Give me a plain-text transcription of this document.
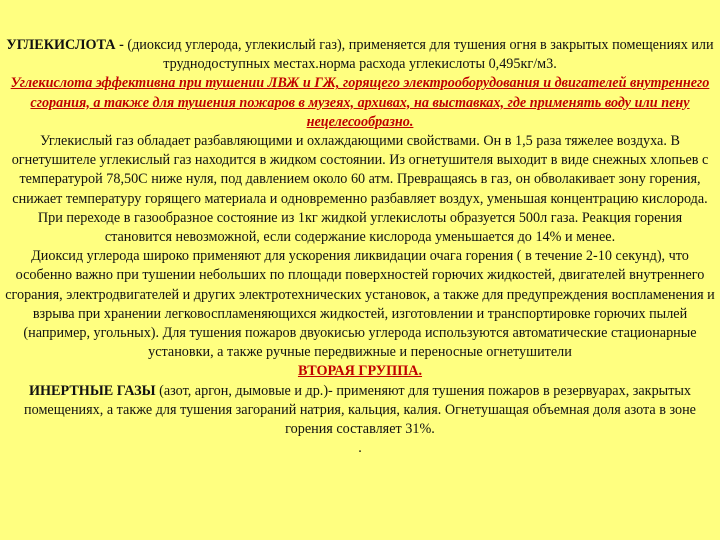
УГЛЕКИСЛОТА - (диоксид углерода, углекислый газ), применяется для тушения огня в закрытых помещениях или труднодоступных местах.норма расхода углекислоты 0,495кг/м3.

Углекислота эффективна при тушении ЛВЖ и ГЖ, горящего электрооборудования и двигателей внутреннего сгорания, а также для тушения пожаров в музеях, архивах, на выставках, где применять воду или пену нецелесообразно.

Углекислый газ обладает разбавляющими и охлаждающими свойствами. Он в 1,5 раза тяжелее воздуха. В огнетушителе углекислый газ находится в жидком состоянии. Из огнетушителя выходит в виде снежных хлопьев с температурой 78,50С ниже нуля, под давлением около 60 атм. Превращаясь в газ, он обволакивает зону горения, снижает температуру горящего материала и одновременно разбавляет воздух, уменьшая концентрацию кислорода.

При переходе в газообразное состояние из 1кг жидкой углекислоты образуется 500л газа. Реакция горения становится невозможной, если содержание кислорода уменьшается до 14% и менее.

Диоксид углерода широко применяют для ускорения ликвидации очага горения ( в течение 2-10 секунд), что особенно важно при тушении небольших по площади поверхностей горючих жидкостей, двигателей внутреннего сгорания, электродвигателей и других электротехнических установок, а также для предупреждения воспламенения и взрыва при хранении легковоспламеняющихся жидкостей, изготовлении и транспортировке горючих пылей (например, угольных). Для тушения пожаров двуокисью углерода используются автоматические стационарные установки, а также ручные передвижные и переносные огнетушители

ВТОРАЯ ГРУППА.

ИНЕРТНЫЕ ГАЗЫ (азот, аргон, дымовые и др.)- применяют для тушения пожаров в резервуарах, закрытых помещениях, а также для тушения загораний натрия, кальция, калия. Огнетушащая объемная доля азота в зоне горения составляет 31%.

.
